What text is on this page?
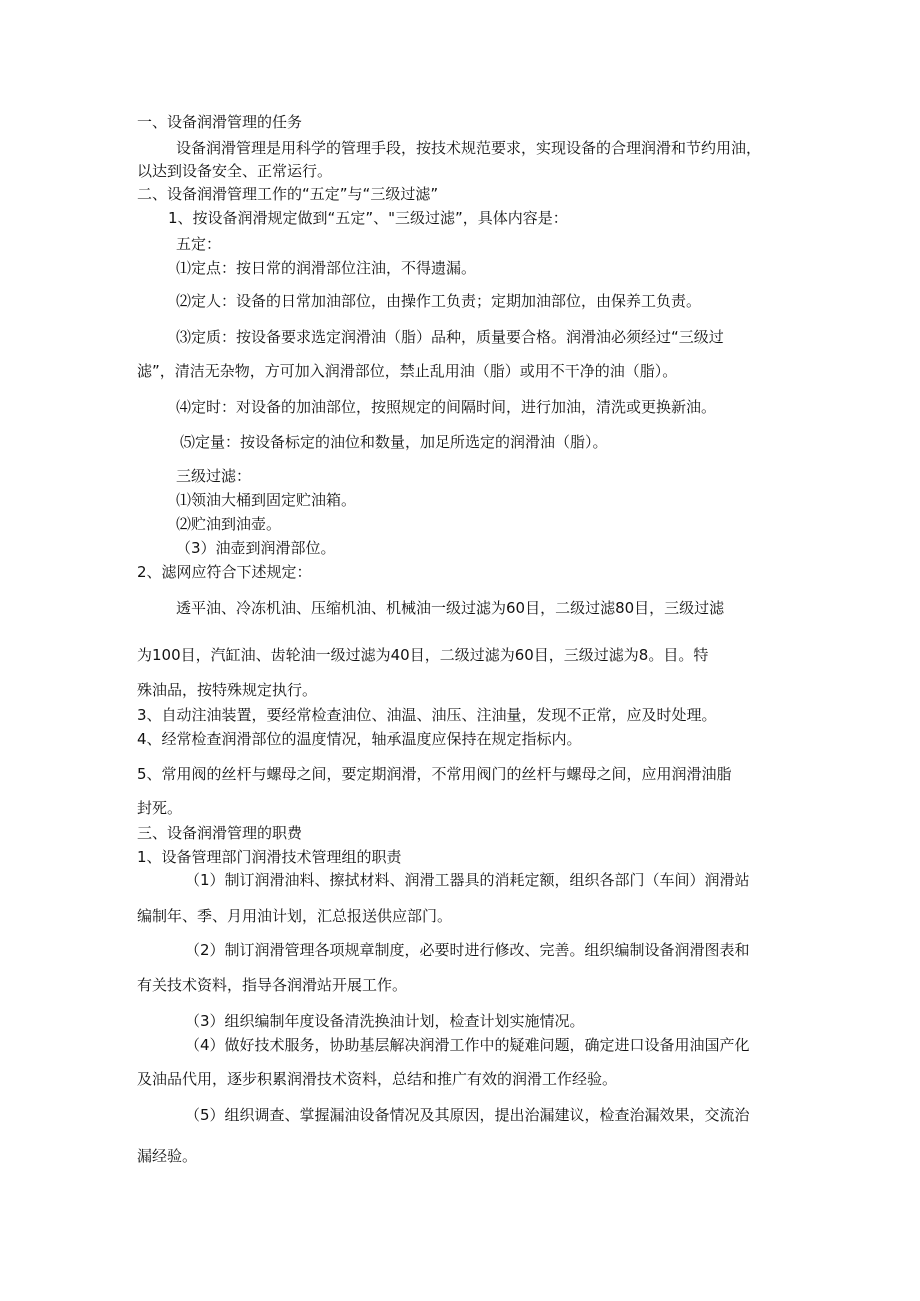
一、设备润滑管理的任务

设备润滑管理是用科学的管理手段，按技术规范要求，实现设备的合理润滑和节约用油，

以达到设备安全、正常运行。

二、设备润滑管理工作的“五定”与“三级过滤”

1、按设备润滑规定做到“五定”、"三级过滤”，具体内容是：

五定：

⑴定点：按日常的润滑部位注油，不得遗漏。

⑵定人：设备的日常加油部位，由操作工负责；定期加油部位，由保养工负责。

⑶定质：按设备要求选定润滑油（脂）品种，质量要合格。润滑油必须经过“三级过

滤”，清洁无杂物，方可加入润滑部位，禁止乱用油（脂）或用不干净的油（脂）。

⑷定时：对设备的加油部位，按照规定的间隔时间，进行加油，清洗或更换新油。

⑸定量：按设备标定的油位和数量，加足所选定的润滑油（脂）。

三级过滤：

⑴领油大桶到固定贮油箱。

⑵贮油到油壶。

（3）油壶到润滑部位。

2、滤网应符合下述规定：

透平油、冷冻机油、压缩机油、机械油一级过滤为60目，二级过滤80目，三级过滤

为100目，汽缸油、齿轮油一级过滤为40目，二级过滤为60目，三级过滤为8。目。特

殊油品，按特殊规定执行。

3、自动注油装置，要经常检查油位、油温、油压、注油量，发现不正常，应及时处理。

4、经常检查润滑部位的温度情况，轴承温度应保持在规定指标内。

5、常用阀的丝杆与螺母之间，要定期润滑，不常用阀门的丝杆与螺母之间，应用润滑油脂

封死。

三、设备润滑管理的职费

1、设备管理部门润滑技术管理组的职责

（1）制订润滑油料、擦拭材料、润滑工器具的消耗定额，组织各部门（车间）润滑站

编制年、季、月用油计划，汇总报送供应部门。

（2）制订润滑管理各项规章制度，必要时进行修改、完善。组织编制设备润滑图表和

有关技术资料，指导各润滑站开展工作。

（3）组织编制年度设备清洗换油计划，检查计划实施情况。

（4）做好技术服务，协助基层解决润滑工作中的疑难问题，确定进口设备用油国产化

及油品代用，逐步积累润滑技术资料，总结和推广有效的润滑工作经验。

（5）组织调查、掌握漏油设备情况及其原因，提出治漏建议，检查治漏效果，交流治

漏经验。
